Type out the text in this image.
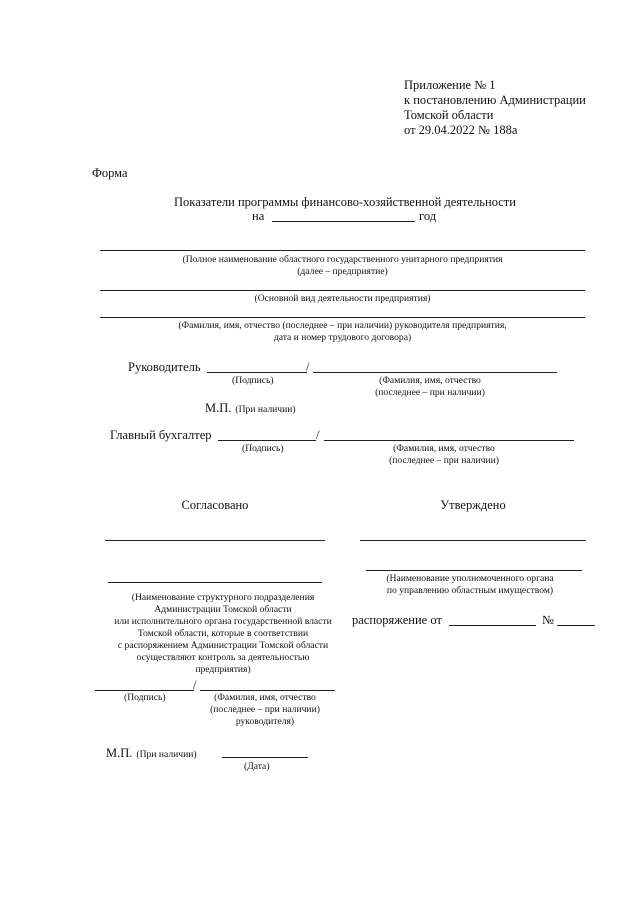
Приложение № 1
к постановлению Администрации
Томской области
от 29.04.2022 № 188а
Форма
Показатели программы финансово-хозяйственной деятельности
на	год
(Полное наименование областного государственного унитарного предприятия
(далее – предприятие)
(Основной вид деятельности предприятия)
(Фамилия, имя, отчество (последнее – при наличии) руководителя предприятия,
дата и номер трудового договора)
Руководитель	/
(Подпись)	(Фамилия, имя, отчество
(последнее – при наличии)
М.П. (При наличии)
Главный бухгалтер	/
(Подпись)	(Фамилия, имя, отчество
(последнее – при наличии)
Согласовано
(Наименование структурного подразделения
Администрации Томской области
или исполнительного органа государственной власти
Томской области, которые в соответствии
с распоряжением Администрации Томской области
осуществляют контроль за деятельностью
предприятия)
/
(Подпись)	(Фамилия, имя, отчество
(последнее – при наличии)
руководителя)
М.П. (При наличии)
(Дата)
Утверждено
(Наименование уполномоченного органа
по управлению областным имуществом)
распоряжение от	№
